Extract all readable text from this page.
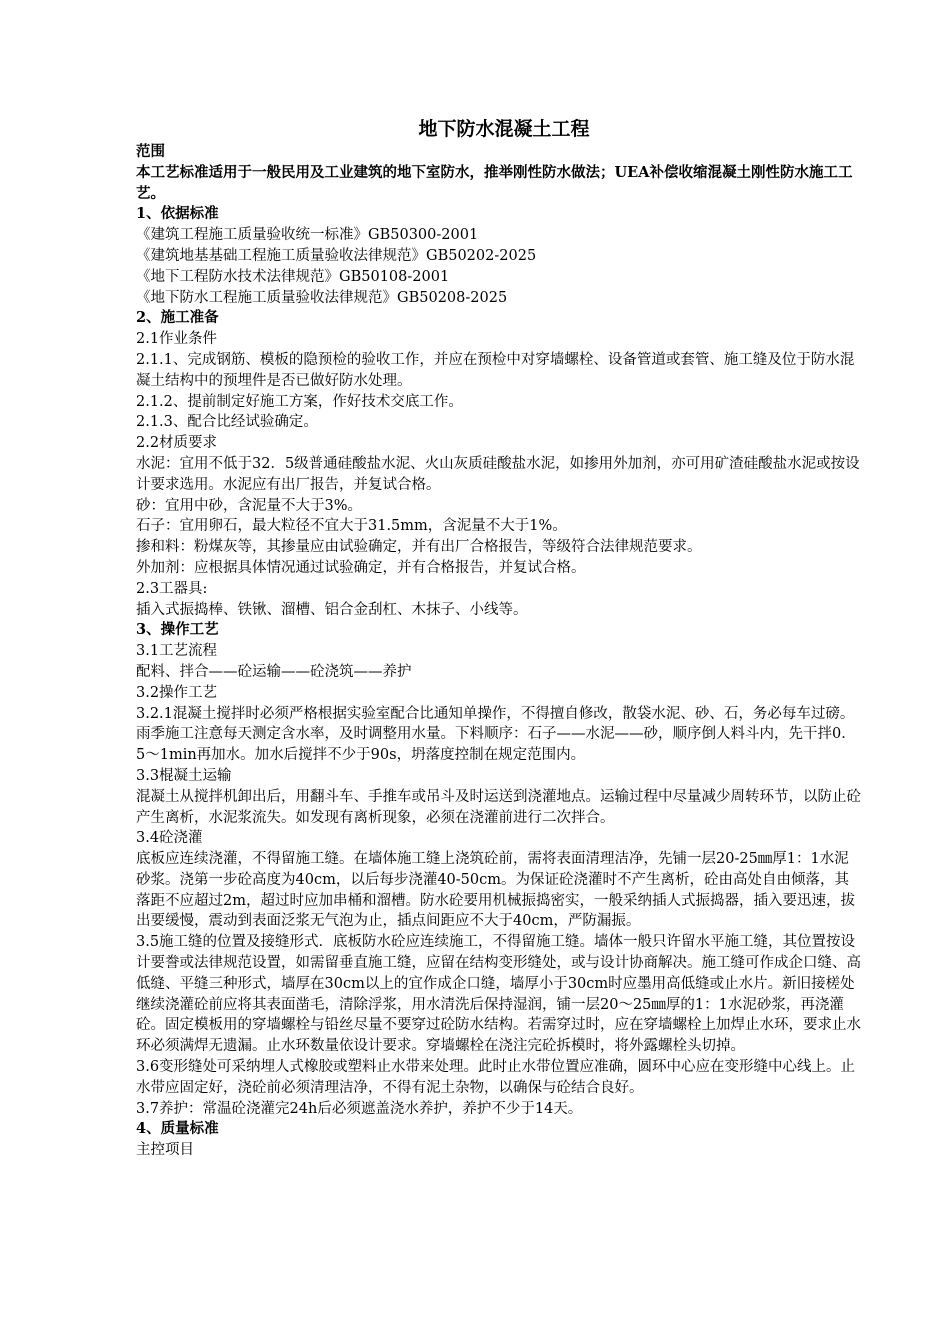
地下防水混凝土工程

范围

本工艺标准适用于一般民用及工业建筑的地下室防水，推举刚性防水做法；UEA补偿收缩混凝土刚性防水施工工艺。

1、依据标准

《建筑工程施工质量验收统一标准》GB50300-2001

《建筑地基基础工程施工质量验收法律规范》GB50202-2025

《地下工程防水技术法律规范》GB50108-2001

《地下防水工程施工质量验收法律规范》GB50208-2025

2、施工准备

2.1作业条件

2.1.1、完成钢筋、模板的隐预检的验收工作，并应在预检中对穿墙螺栓、设备管道或套管、施工缝及位于防水混凝土结构中的预埋件是否已做好防水处理。

2.1.2、提前制定好施工方案，作好技术交底工作。

2.1.3、配合比经试验确定。

2.2材质要求

水泥：宜用不低于32．5级普通硅酸盐水泥、火山灰质硅酸盐水泥，如掺用外加剂，亦可用矿渣硅酸盐水泥或按设计要求选用。水泥应有出厂报告，并复试合格。

砂：宜用中砂，含泥量不大于3%。

石子：宜用卵石，最大粒径不宜大于31.5mm，含泥量不大于1%。

掺和料：粉煤灰等，其掺量应由试验确定，并有出厂合格报告，等级符合法律规范要求。

外加剂：应根据具体情况通过试验确定，并有合格报告，并复试合格。

2.3工器具:

插入式振捣棒、铁锹、溜槽、铝合金刮杠、木抹子、小线等。

3、操作工艺

3.1工艺流程

配料、拌合——砼运输——砼浇筑——养护

3.2操作工艺

3.2.1混凝土搅拌时必须严格根据实验室配合比通知单操作，不得擅自修改，散袋水泥、砂、石，务必每车过磅。雨季施工注意每天测定含水率，及时调整用水量。下料顺序：石子——水泥——砂，顺序倒人料斗内，先干拌0．5～1min再加水。加水后搅拌不少于90s，坍落度控制在规定范围内。

3.3棍凝土运输

混凝土从搅拌机卸出后，用翻斗车、手推车或吊斗及时运送到浇灌地点。运输过程中尽量减少周转环节，以防止砼产生离析，水泥浆流失。如发现有离析现象，必须在浇灌前进行二次拌合。

3.4砼浇灌

底板应连续浇灌，不得留施工缝。在墙体施工缝上浇筑砼前，需将表面清理洁净，先铺一层20-25㎜厚1：1水泥砂浆。浇第一步砼高度为40cm，以后每步浇灌40-50cm。为保证砼浇灌时不产生离析，砼由高处自由倾落，其落距不应超过2m，超过时应加串桶和溜槽。防水砼要用机械振捣密实，一般采纳插人式振捣器，插入要迅速，拔出要缓慢，震动到表面泛浆无气泡为止，插点间距应不大于40cm，严防漏振。

3.5施工缝的位置及接缝形式．底板防水砼应连续施工，不得留施工缝。墙体一般只许留水平施工缝，其位置按设计要誊或法律规范设置，如需留垂直施工缝，应留在结构变形缝处，或与设计协商解决。施工缝可作成企口缝、高低缝、平缝三种形式，墙厚在30cm以上的宜作成企口缝，墙厚小于30cm时应墨用高低缝或止水片。新旧接槎处继续浇灌砼前应将其表面凿毛，清除浮浆，用水清洗后保持湿润，铺一层20～25㎜厚的1：1水泥砂浆，再浇灌砼。固定模板用的穿墙螺栓与铅丝尽量不要穿过砼防水结构。若需穿过时，应在穿墙螺栓上加焊止水环，要求止水环必须满焊无遗漏。止水环数量依设计要求。穿墙螺栓在浇注完砼拆模时，将外露螺栓头切掉。

3.6变形缝处可采纳埋人式橡胶或塑料止水带来处理。此时止水带位置应准确，圆环中心应在变形缝中心线上。止水带应固定好，浇砼前必须清理洁净，不得有泥土杂物，以确保与砼结合良好。

3.7养护：常温砼浇灌完24h后必须遮盖浇水养护，养护不少于14天。

4、质量标准

主控项目
